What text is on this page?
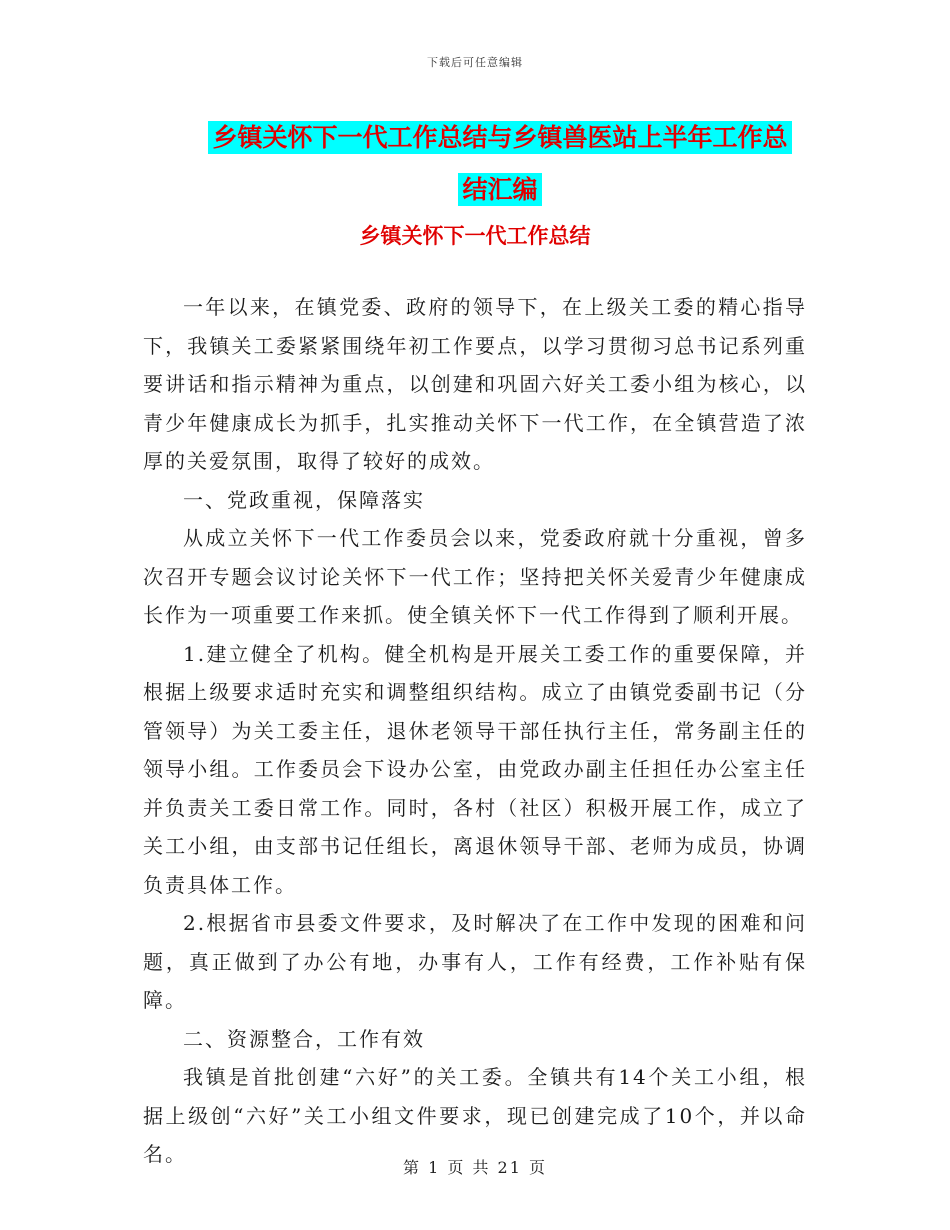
下载后可任意编辑
乡镇关怀下一代工作总结与乡镇兽医站上半年工作总
结汇编
乡镇关怀下一代工作总结

一年以来，在镇党委、政府的领导下，在上级关工委的精心指导下，我镇关工委紧紧围绕年初工作要点，以学习贯彻习总书记系列重要讲话和指示精神为重点，以创建和巩固六好关工委小组为核心，以青少年健康成长为抓手，扎实推动关怀下一代工作，在全镇营造了浓厚的关爱氛围，取得了较好的成效。

一、党政重视，保障落实

从成立关怀下一代工作委员会以来，党委政府就十分重视，曾多次召开专题会议讨论关怀下一代工作；坚持把关怀关爱青少年健康成长作为一项重要工作来抓。使全镇关怀下一代工作得到了顺利开展。

1.建立健全了机构。健全机构是开展关工委工作的重要保障，并根据上级要求适时充实和调整组织结构。成立了由镇党委副书记（分管领导）为关工委主任，退休老领导干部任执行主任，常务副主任的领导小组。工作委员会下设办公室，由党政办副主任担任办公室主任并负责关工委日常工作。同时，各村（社区）积极开展工作，成立了关工小组，由支部书记任组长，离退休领导干部、老师为成员，协调负责具体工作。

2.根据省市县委文件要求，及时解决了在工作中发现的困难和问题，真正做到了办公有地，办事有人，工作有经费，工作补贴有保障。

二、资源整合，工作有效

我镇是首批创建“六好”的关工委。全镇共有14个关工小组，根据上级创“六好”关工小组文件要求，现已创建完成了10个，并以命名。

第 1 页 共 21 页
